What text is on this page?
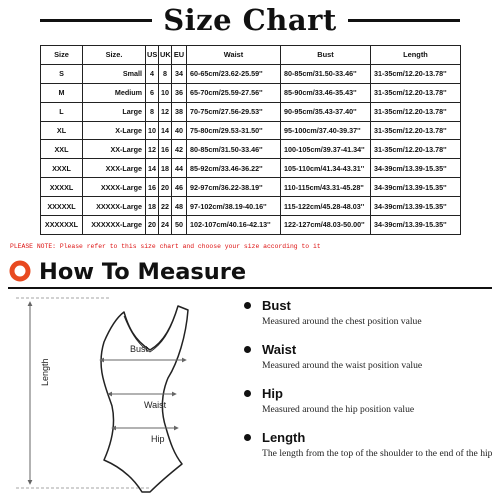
Size Chart
Size	Size.	US	UK	EU	Waist	Bust	Length
S	Small	4	8	34	60-65cm/23.62-25.59''	80-85cm/31.50-33.46''	31-35cm/12.20-13.78''
M	Medium	6	10	36	65-70cm/25.59-27.56''	85-90cm/33.46-35.43''	31-35cm/12.20-13.78''
L	Large	8	12	38	70-75cm/27.56-29.53''	90-95cm/35.43-37.40''	31-35cm/12.20-13.78''
XL	X-Large	10	14	40	75-80cm/29.53-31.50''	95-100cm/37.40-39.37''	31-35cm/12.20-13.78''
XXL	XX-Large	12	16	42	80-85cm/31.50-33.46''	100-105cm/39.37-41.34''	31-35cm/12.20-13.78''
XXXL	XXX-Large	14	18	44	85-92cm/33.46-36.22''	105-110cm/41.34-43.31''	34-39cm/13.39-15.35''
XXXXL	XXXX-Large	16	20	46	92-97cm/36.22-38.19''	110-115cm/43.31-45.28''	34-39cm/13.39-15.35''
XXXXXL	XXXXX-Large	18	22	48	97-102cm/38.19-40.16''	115-122cm/45.28-48.03''	34-39cm/13.39-15.35''
XXXXXXL	XXXXXX-Large	20	24	50	102-107cm/40.16-42.13''	122-127cm/48.03-50.00''	34-39cm/13.39-15.35''
PLEASE NOTE: Please refer to this size chart and choose your size according to it
How To Measure
Bust
Waist
Hip
Length
Bust
Measured around the chest position value
Waist
Measured around the waist position value
Hip
Measured around the hip position value
Length
The length from the top of the shoulder to the end of the hip
